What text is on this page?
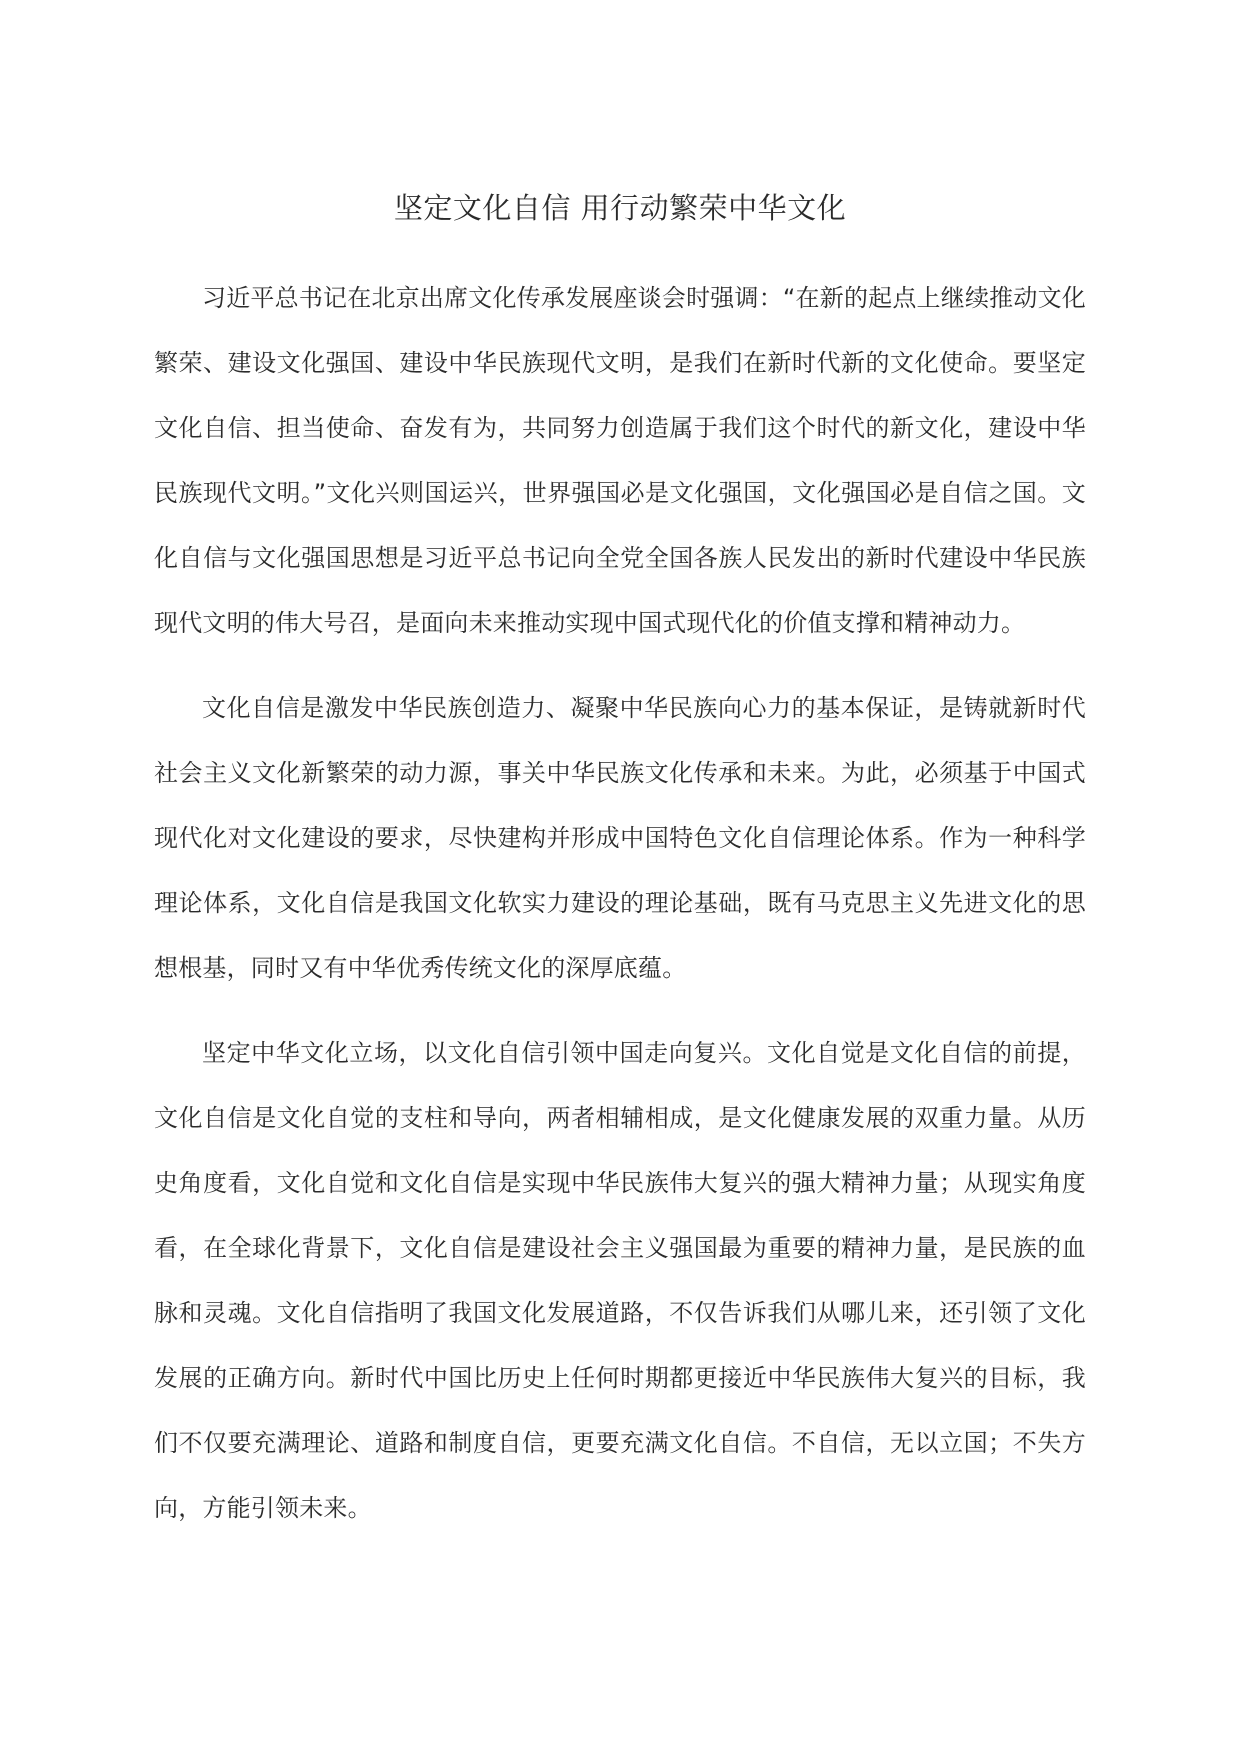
坚定文化自信 用行动繁荣中华文化

习近平总书记在北京出席文化传承发展座谈会时强调：“在新的起点上继续推动文化繁荣、建设文化强国、建设中华民族现代文明，是我们在新时代新的文化使命。要坚定文化自信、担当使命、奋发有为，共同努力创造属于我们这个时代的新文化，建设中华民族现代文明。”文化兴则国运兴，世界强国必是文化强国，文化强国必是自信之国。文化自信与文化强国思想是习近平总书记向全党全国各族人民发出的新时代建设中华民族现代文明的伟大号召，是面向未来推动实现中国式现代化的价值支撑和精神动力。

文化自信是激发中华民族创造力、凝聚中华民族向心力的基本保证，是铸就新时代社会主义文化新繁荣的动力源，事关中华民族文化传承和未来。为此，必须基于中国式现代化对文化建设的要求，尽快建构并形成中国特色文化自信理论体系。作为一种科学理论体系，文化自信是我国文化软实力建设的理论基础，既有马克思主义先进文化的思想根基，同时又有中华优秀传统文化的深厚底蕴。

坚定中华文化立场，以文化自信引领中国走向复兴。文化自觉是文化自信的前提，文化自信是文化自觉的支柱和导向，两者相辅相成，是文化健康发展的双重力量。从历史角度看，文化自觉和文化自信是实现中华民族伟大复兴的强大精神力量；从现实角度看，在全球化背景下，文化自信是建设社会主义强国最为重要的精神力量，是民族的血脉和灵魂。文化自信指明了我国文化发展道路，不仅告诉我们从哪儿来，还引领了文化发展的正确方向。新时代中国比历史上任何时期都更接近中华民族伟大复兴的目标，我们不仅要充满理论、道路和制度自信，更要充满文化自信。不自信，无以立国；不失方向，方能引领未来。
